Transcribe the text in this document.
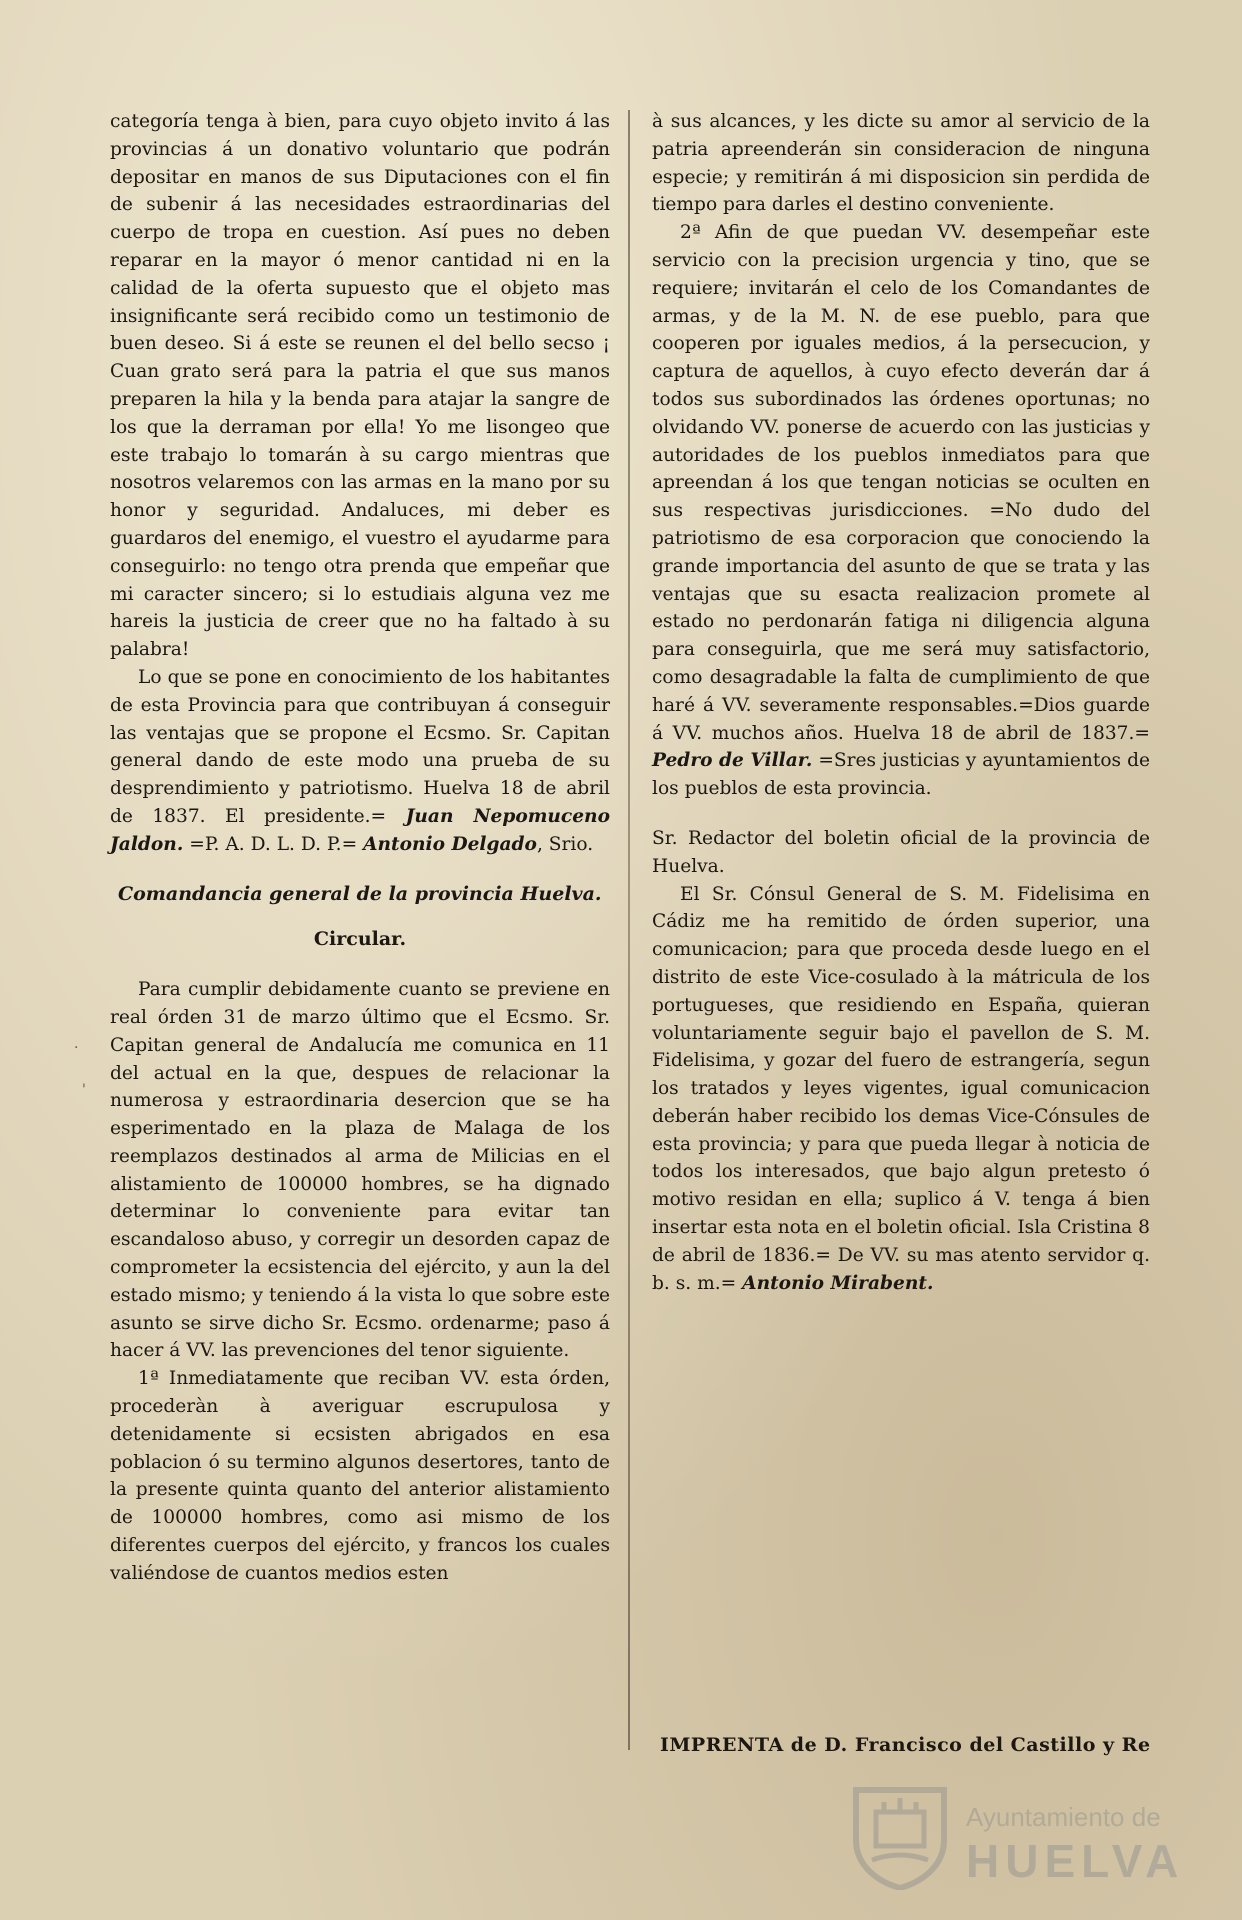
categoría tenga à bien, para cuyo objeto invito á las provincias á un donativo voluntario que podrán depositar en manos de sus Diputaciones con el fin de subenir á las necesidades estraordinarias del cuerpo de tropa en cuestion. Así pues no deben reparar en la mayor ó menor cantidad ni en la calidad de la oferta supuesto que el objeto mas insignificante será recibido como un testimonio de buen deseo. Si á este se reunen el del bello secso ¡ Cuan grato será para la patria el que sus manos preparen la hila y la benda para atajar la sangre de los que la derraman por ella! Yo me lisongeo que este trabajo lo tomarán à su cargo mientras que nosotros velaremos con las armas en la mano por su honor y seguridad. Andaluces, mi deber es guardaros del enemigo, el vuestro el ayudarme para conseguirlo: no tengo otra prenda que empeñar que mi caracter sincero; si lo estudiais alguna vez me hareis la justicia de creer que no ha faltado à su palabra!

Lo que se pone en conocimiento de los habitantes de esta Provincia para que contribuyan á conseguir las ventajas que se propone el Ecsmo. Sr. Capitan general dando de este modo una prueba de su desprendimiento y patriotismo. Huelva 18 de abril de 1837. El presidente.= Juan Nepomuceno Jaldon. =P. A. D. L. D. P.= Antonio Delgado, Srio.

Comandancia general de la provincia Huelva.
Circular.

Para cumplir debidamente cuanto se previene en real órden 31 de marzo último que el Ecsmo. Sr. Capitan general de Andalucía me comunica en 11 del actual en la que, despues de relacionar la numerosa y estraordinaria desercion que se ha esperimentado en la plaza de Malaga de los reemplazos destinados al arma de Milicias en el alistamiento de 100000 hombres, se ha dignado determinar lo conveniente para evitar tan escandaloso abuso, y corregir un desorden capaz de comprometer la ecsistencia del ejército, y aun la del estado mismo; y teniendo á la vista lo que sobre este asunto se sirve dicho Sr. Ecsmo. ordenarme; paso á hacer á VV. las prevenciones del tenor siguiente.

1ª Inmediatamente que reciban VV. esta órden, procederàn à averiguar escrupulosa y detenidamente si ecsisten abrigados en esa poblacion ó su termino algunos desertores, tanto de la presente quinta quanto del anterior alistamiento de 100000 hombres, como asi mismo de los diferentes cuerpos del ejército, y francos los cuales valiéndose de cuantos medios esten

à sus alcances, y les dicte su amor al servicio de la patria apreenderán sin consideracion de ninguna especie; y remitirán á mi disposicion sin perdida de tiempo para darles el destino conveniente.

2ª Afin de que puedan VV. desempeñar este servicio con la precision urgencia y tino, que se requiere; invitarán el celo de los Comandantes de armas, y de la M. N. de ese pueblo, para que cooperen por iguales medios, á la persecucion, y captura de aquellos, à cuyo efecto deverán dar á todos sus subordinados las órdenes oportunas; no olvidando VV. ponerse de acuerdo con las justicias y autoridades de los pueblos inmediatos para que apreendan á los que tengan noticias se oculten en sus respectivas jurisdicciones. =No dudo del patriotismo de esa corporacion que conociendo la grande importancia del asunto de que se trata y las ventajas que su esacta realizacion promete al estado no perdonarán fatiga ni diligencia alguna para conseguirla, que me será muy satisfactorio, como desagradable la falta de cumplimiento de que haré á VV. severamente responsables.=Dios guarde á VV. muchos años. Huelva 18 de abril de 1837.= Pedro de Villar. =Sres justicias y ayuntamientos de los pueblos de esta provincia.

Sr. Redactor del boletin oficial de la provincia de Huelva.

El Sr. Cónsul General de S. M. Fidelisima en Cádiz me ha remitido de órden superior, una comunicacion; para que proceda desde luego en el distrito de este Vice-cosulado à la mátricula de los portugueses, que residiendo en España, quieran voluntariamente seguir bajo el pavellon de S. M. Fidelisima, y gozar del fuero de estrangería, segun los tratados y leyes vigentes, igual comunicacion deberán haber recibido los demas Vice-Cónsules de esta provincia; y para que pueda llegar à noticia de todos los interesados, que bajo algun pretesto ó motivo residan en ella; suplico á V. tenga á bien insertar esta nota en el boletin oficial. Isla Cristina 8 de abril de 1836.= De VV. su mas atento servidor q. b. s. m.= Antonio Mirabent.

IMPRENTA de D. Francisco del Castillo y Re
·
'
Ayuntamiento de
HUELVA
